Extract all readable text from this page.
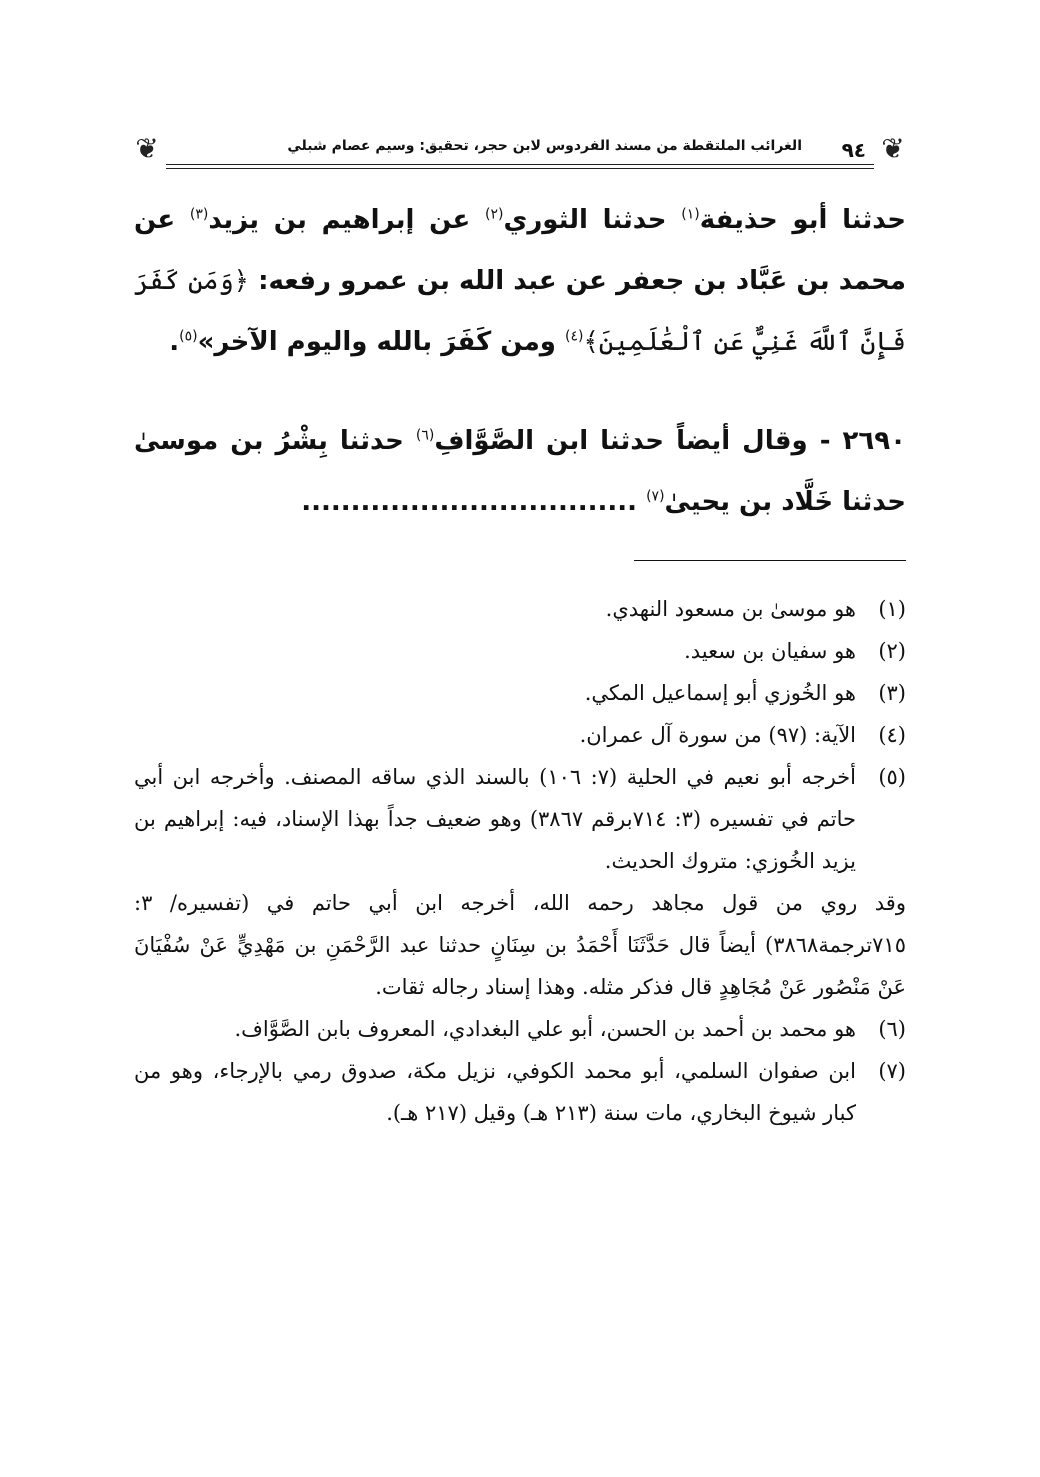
❦
٩٤
الغرائب الملتقطة من مسند الفردوس لابن حجر، تحقيق: وسيم عصام شبلي
❦
حدثنا أبو حذيفة$^{(١)}$ حدثنا الثوري$^{(٢)}$ عن إبراهيم بن يزيد$^{(٣)}$ عن محمد بن عَبَّاد بن جعفر عن عبد الله بن عمرو رفعه: ﴿وَمَن كَفَرَ فَإِنَّ ٱللَّهَ غَنِيٌّ عَنِ ٱلْعَٰلَمِينَ﴾$^{(٤)}$ ومن كَفَرَ بالله واليوم الآخر»$^{(٥)}$.
٢٦٩٠ - وقال أيضاً حدثنا ابن الصَّوَّافِ$^{(٦)}$ حدثنا بِشْرُ بن موسىٰ حدثنا خَلَّاد بن يحيىٰ$^{(٧)}$ ..................................
(١)
هو موسىٰ بن مسعود النهدي.
(٢)
هو سفيان بن سعيد.
(٣)
هو الخُوزي أبو إسماعيل المكي.
(٤)
الآية: (٩٧) من سورة آل عمران.
(٥)
أخرجه أبو نعيم في الحلية (٧: ١٠٦) بالسند الذي ساقه المصنف. وأخرجه ابن أبي حاتم في تفسيره (٣: ٧١٤برقم ٣٨٦٧) وهو ضعيف جداً بهذا الإسناد، فيه: إبراهيم بن يزيد الخُوزي: متروك الحديث.
وقد روي من قول مجاهد رحمه الله، أخرجه ابن أبي حاتم في (تفسيره/ ٣: ٧١٥ترجمة٣٨٦٨) أيضاً قال حَدَّثَنَا أَحْمَدُ بن سِنَانٍ حدثنا عبد الرَّحْمَنِ بن مَهْدِيٍّ عَنْ سُفْيَانَ عَنْ مَنْصُور عَنْ مُجَاهِدٍ قال فذكر مثله. وهذا إسناد رجاله ثقات.
(٦)
هو محمد بن أحمد بن الحسن، أبو علي البغدادي، المعروف بابن الصَّوَّاف.
(٧)
ابن صفوان السلمي، أبو محمد الكوفي، نزيل مكة، صدوق رمي بالإرجاء، وهو من كبار شيوخ البخاري، مات سنة (٢١٣ هـ) وقيل (٢١٧ هـ).
